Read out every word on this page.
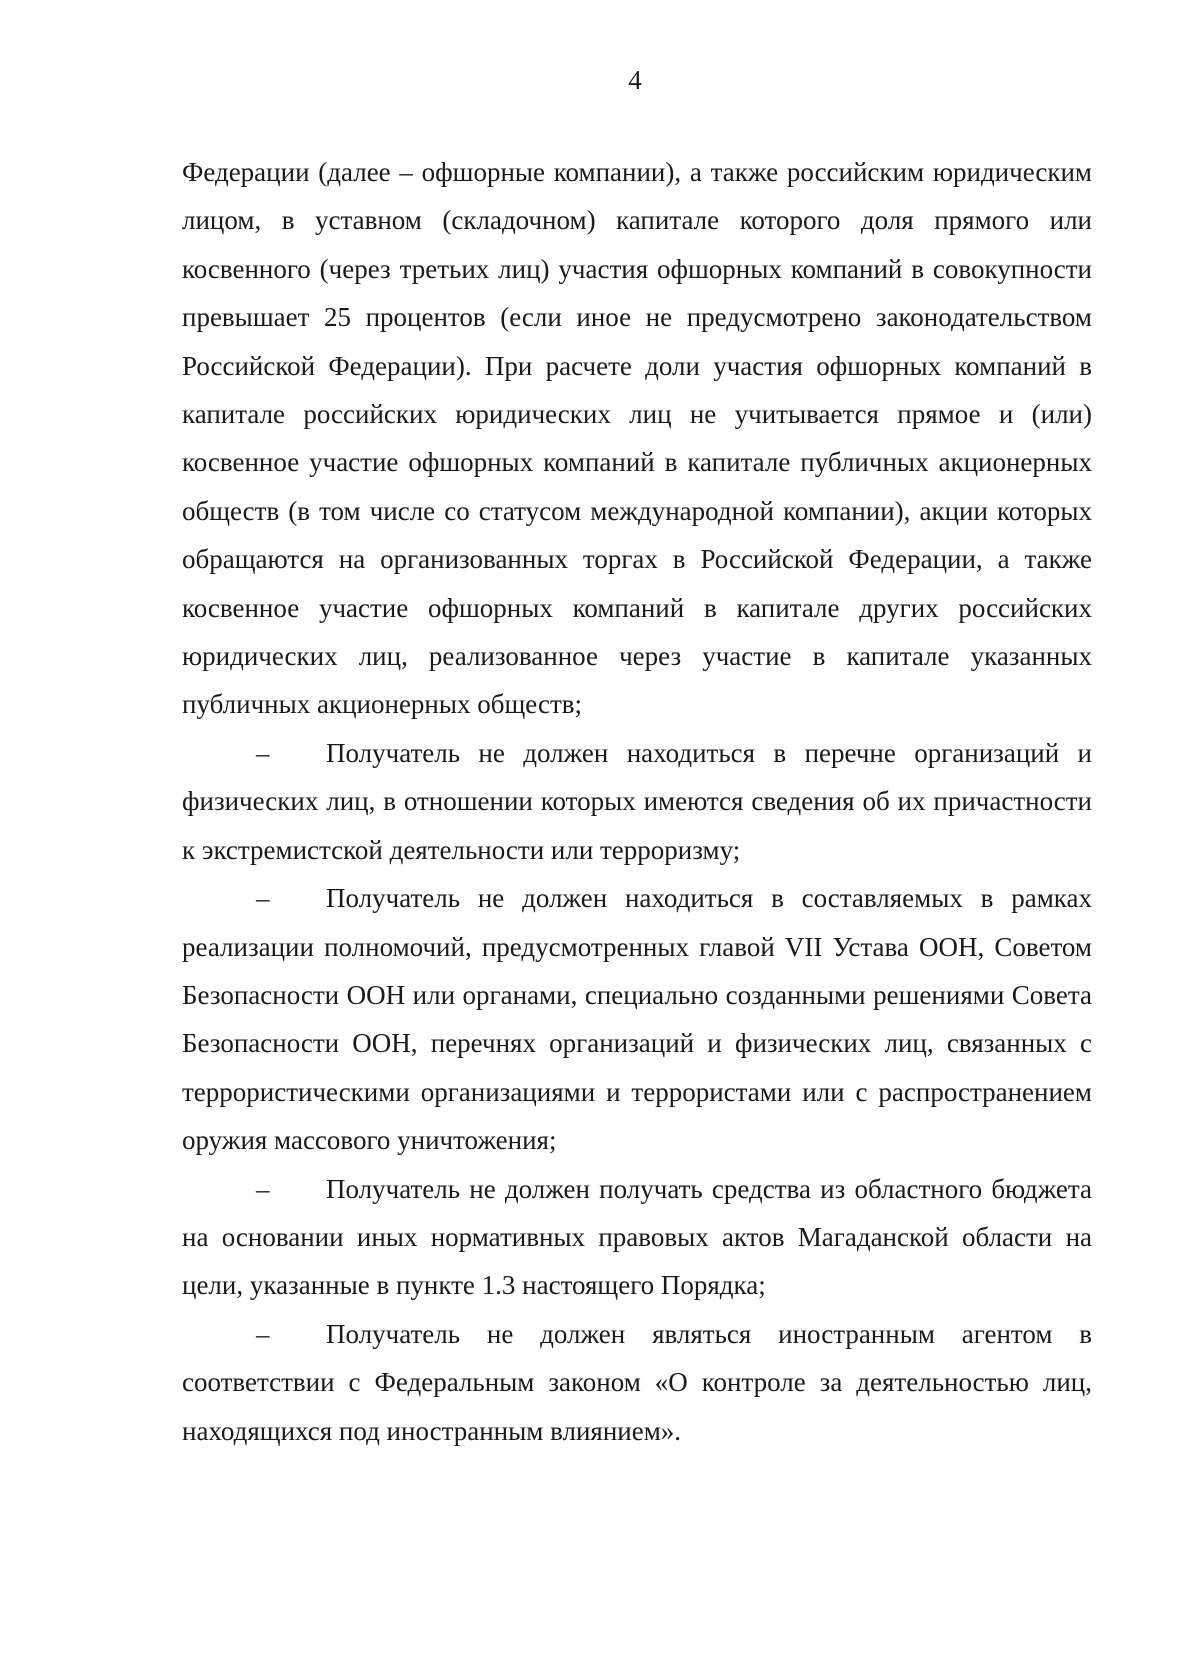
4

Федерации (далее – офшорные компании), а также российским юридическим лицом, в уставном (складочном) капитале которого доля прямого или косвенного (через третьих лиц) участия офшорных компаний в совокупности превышает 25 процентов (если иное не предусмотрено законодательством Российской Федерации). При расчете доли участия офшорных компаний в капитале российских юридических лиц не учитывается прямое и (или) косвенное участие офшорных компаний в капитале публичных акционерных обществ (в том числе со статусом международной компании), акции которых обращаются на организованных торгах в Российской Федерации, а также косвенное участие офшорных компаний в капитале других российских юридических лиц, реализованное через участие в капитале указанных публичных акционерных обществ;

– Получатель не должен находиться в перечне организаций и физических лиц, в отношении которых имеются сведения об их причастности к экстремистской деятельности или терроризму;

– Получатель не должен находиться в составляемых в рамках реализации полномочий, предусмотренных главой VII Устава ООН, Советом Безопасности ООН или органами, специально созданными решениями Совета Безопасности ООН, перечнях организаций и физических лиц, связанных с террористическими организациями и террористами или с распространением оружия массового уничтожения;

– Получатель не должен получать средства из областного бюджета на основании иных нормативных правовых актов Магаданской области на цели, указанные в пункте 1.3 настоящего Порядка;

– Получатель не должен являться иностранным агентом в соответствии с Федеральным законом «О контроле за деятельностью лиц, находящихся под иностранным влиянием».
